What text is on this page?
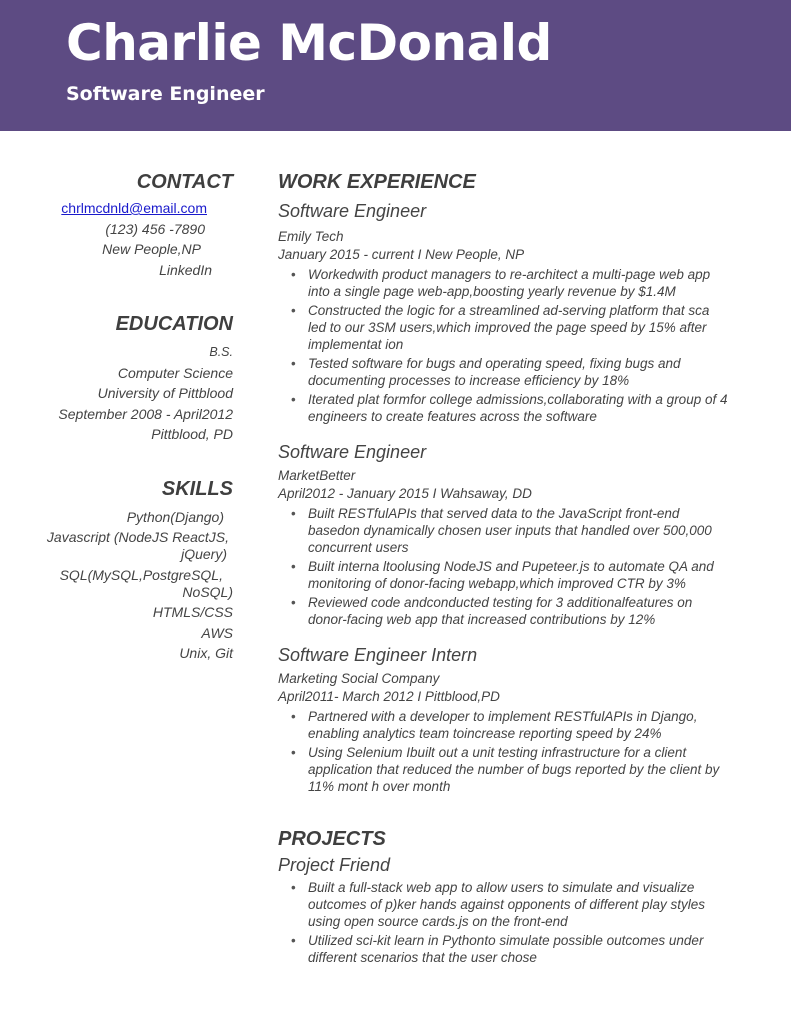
Charlie McDonald
Software Engineer
CONTACT
chrlmcdnld@email.com
(123) 456 -7890
New People,NP
LinkedIn
EDUCATION
B.S.
Computer Science
University of Pittblood
September 2008 - April2012
Pittblood, PD
SKILLS
Python(Django)
Javascript (NodeJS ReactJS,
jQuery)
SQL(MySQL,PostgreSQL,
NoSQL)
HTMLS/CSS
AWS
Unix, Git
WORK EXPERIENCE
Software Engineer
Emily Tech
January 2015 - current I New People, NP
• Workedwith product managers to re-architect a multi-page web app into a single page web-app,boosting yearly revenue by $1.4M
• Constructed the logic for a streamlined ad-serving platform that sca led to our 3SM users,which improved the page speed by 15% after implementat ion
• Tested software for bugs and operating speed, fixing bugs and documenting processes to increase efficiency by 18%
• Iterated plat formfor college admissions,collaborating with a group of 4 engineers to create features across the software
Software Engineer
MarketBetter
April2012 - January 2015 I Wahsaway, DD
• Built RESTfulAPIs that served data to the JavaScript front-end basedon dynamically chosen user inputs that handled over 500,000 concurrent users
• Built interna ltoolusing NodeJS and Pupeteer.js to automate QA and monitoring of donor-facing webapp,which improved CTR by 3%
• Reviewed code andconducted testing for 3 additionalfeatures on donor-facing web app that increased contributions by 12%
Software Engineer Intern
Marketing Social Company
April2011- March 2012 I Pittblood,PD
• Partnered with a developer to implement RESTfulAPIs in Django, enabling analytics team toincrease reporting speed by 24%
• Using Selenium Ibuilt out a unit testing infrastructure for a client application that reduced the number of bugs reported by the client by 11% mont h over month
PROJECTS
Project Friend
• Built a full-stack web app to allow users to simulate and visualize outcomes of p)ker hands against opponents of different play styles using open source cards.js on the front-end
• Utilized sci-kit learn in Pythonto simulate possible outcomes under different scenarios that the user chose
